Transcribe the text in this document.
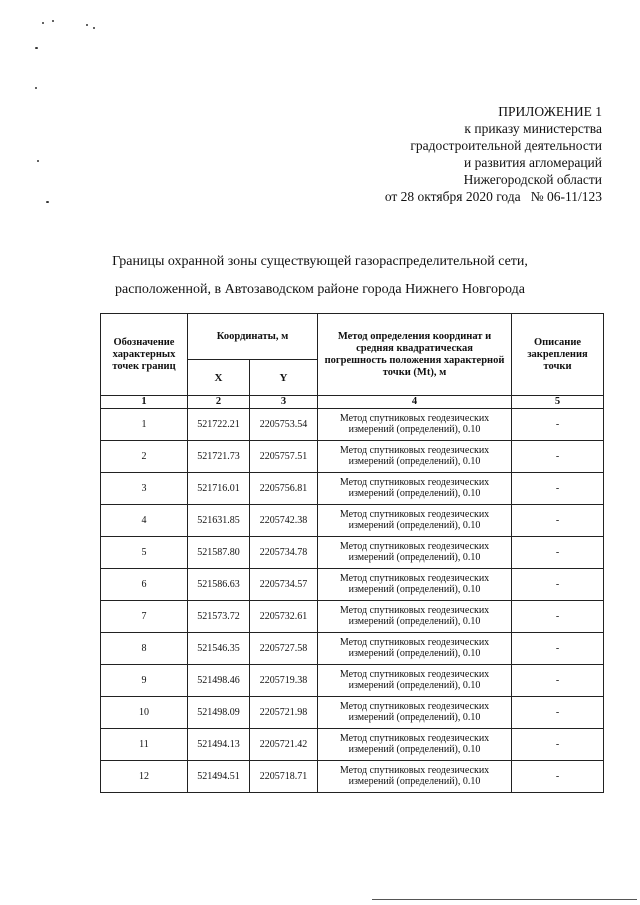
ПРИЛОЖЕНИЕ 1
к приказу министерства
градостроительной деятельности
и развития агломераций
Нижегородской области
от 28 октября 2020 года   № 06-11/123
Границы охранной зоны существующей газораспределительной сети,
расположенной, в Автозаводском районе города Нижнего Новгорода
Обозначение характерных точек границ	Координаты, м		Метод определения координат и средняя квадратическая погрешность положения характерной точки (Mt), м	Описание закрепления точки
	X	Y		
1	2	3	4	5
1	521722.21	2205753.54	Метод спутниковых геодезических измерений (определений), 0.10	-
2	521721.73	2205757.51	Метод спутниковых геодезических измерений (определений), 0.10	-
3	521716.01	2205756.81	Метод спутниковых геодезических измерений (определений), 0.10	-
4	521631.85	2205742.38	Метод спутниковых геодезических измерений (определений), 0.10	-
5	521587.80	2205734.78	Метод спутниковых геодезических измерений (определений), 0.10	-
6	521586.63	2205734.57	Метод спутниковых геодезических измерений (определений), 0.10	-
7	521573.72	2205732.61	Метод спутниковых геодезических измерений (определений), 0.10	-
8	521546.35	2205727.58	Метод спутниковых геодезических измерений (определений), 0.10	-
9	521498.46	2205719.38	Метод спутниковых геодезических измерений (определений), 0.10	-
10	521498.09	2205721.98	Метод спутниковых геодезических измерений (определений), 0.10	-
11	521494.13	2205721.42	Метод спутниковых геодезических измерений (определений), 0.10	-
12	521494.51	2205718.71	Метод спутниковых геодезических измерений (определений), 0.10	-
